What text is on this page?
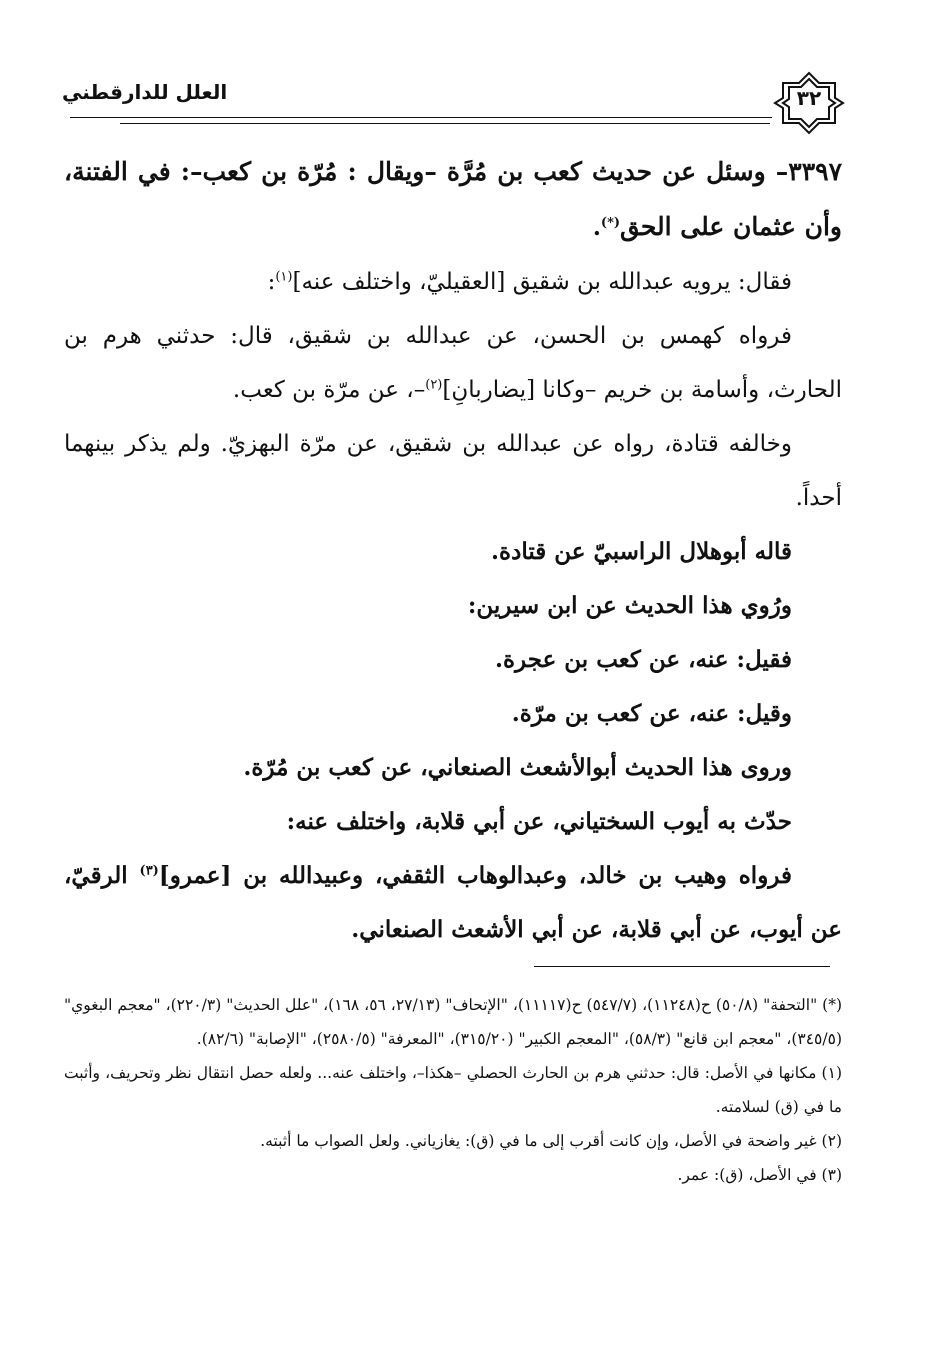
العلل للدارقطني	٣٢

٣٣٩٧– وسئل عن حديث كعب بن مُرَّة –ويقال : مُرّة بن كعب–: في الفتنة، وأن عثمان على الحق(*).

فقال: يرويه عبدالله بن شقيق [العقيليّ، واختلف عنه]$^{(١)}$:

فرواه كهمس بن الحسن، عن عبدالله بن شقيق، قال: حدثني هرم بن الحارث، وأسامة بن خريم –وكانا [يضاربانِ]$^{(٢)}$–، عن مرّة بن كعب.

وخالفه قتادة، رواه عن عبدالله بن شقيق، عن مرّة البهزيّ. ولم يذكر بينهما أحداً.

قاله أبوهلال الراسبيّ عن قتادة.

ورُوي هذا الحديث عن ابن سيرين:

فقيل: عنه، عن كعب بن عجرة.

وقيل: عنه، عن كعب بن مرّة.

وروى هذا الحديث أبوالأشعث الصنعاني، عن كعب بن مُرّة.

حدّث به أيوب السختياني، عن أبي قلابة، واختلف عنه:

فرواه وهيب بن خالد، وعبدالوهاب الثقفي، وعبيدالله بن [عمرو]$^{(٣)}$ الرقيّ، عن أيوب، عن أبي قلابة، عن أبي الأشعث الصنعاني.

(*) "التحفة" (٥٠/٨) ح(١١٢٤٨)، (٥٤٧/٧) ح(١١١١٧)، "الإتحاف" (٢٧/١٣، ٥٦، ١٦٨)، "علل الحديث" (٢٢٠/٣)، "معجم البغوي" (٣٤٥/٥)، "معجم ابن قانع" (٥٨/٣)، "المعجم الكبير" (٣١٥/٢٠)، "المعرفة" (٢٥٨٠/٥)، "الإصابة" (٨٢/٦).

(١) مكانها في الأصل: قال: حدثني هرم بن الحارث الحصلي –هكذا–، واختلف عنه... ولعله حصل انتقال نظر وتحريف، وأثبت ما في (ق) لسلامته.

(٢) غير واضحة في الأصل، وإن كانت أقرب إلى ما في (ق): يغازياني. ولعل الصواب ما أثبته.

(٣) في الأصل، (ق): عمر.
